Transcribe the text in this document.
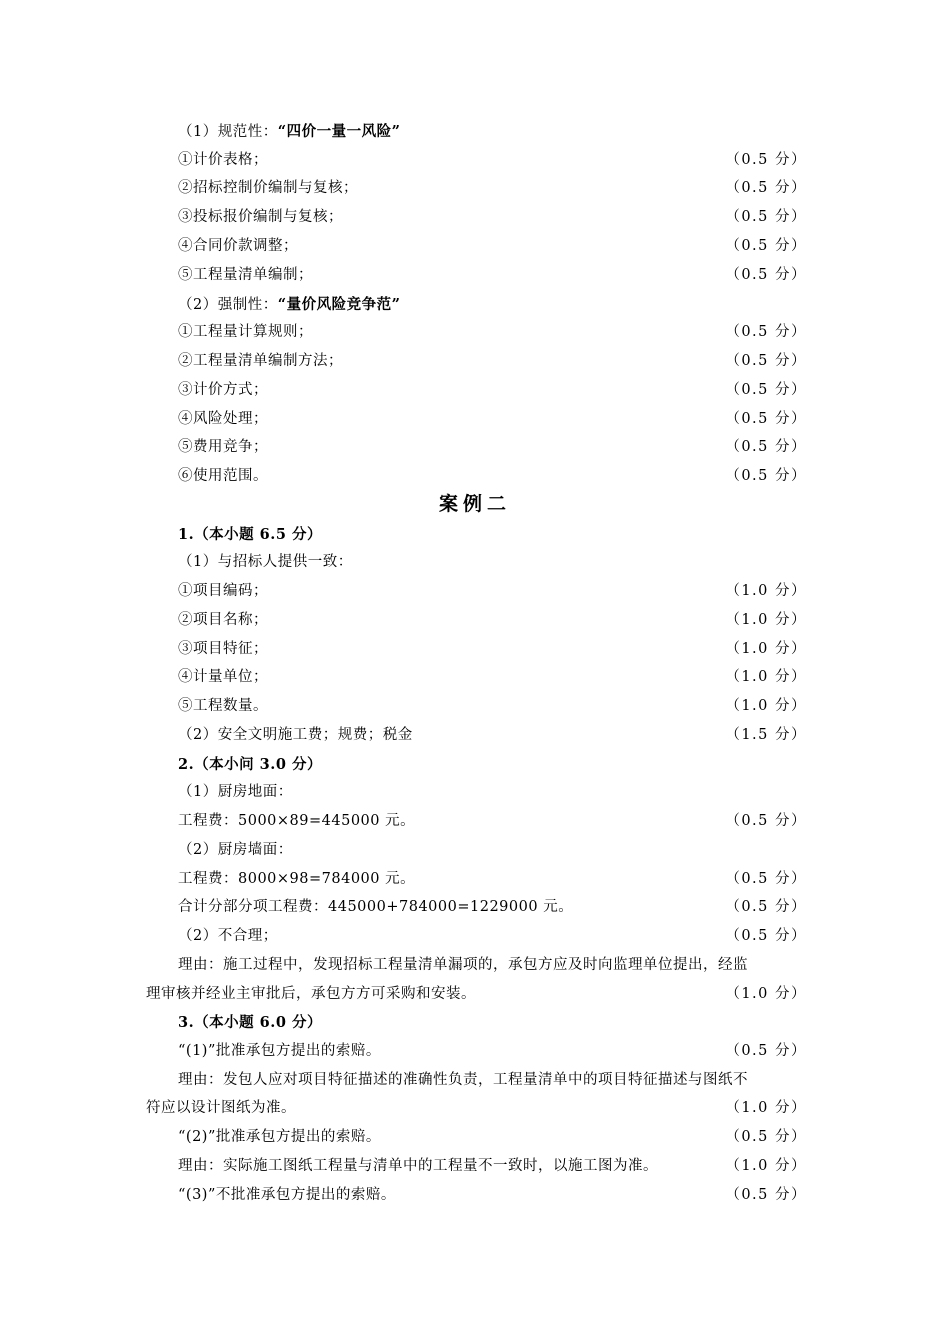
（1）规范性：“四价一量一风险”
①计价表格；	（0.5 分）
②招标控制价编制与复核；	（0.5 分）
③投标报价编制与复核；	（0.5 分）
④合同价款调整；	（0.5 分）
⑤工程量清单编制；	（0.5 分）
（2）强制性：“量价风险竞争范”
①工程量计算规则；	（0.5 分）
②工程量清单编制方法；	（0.5 分）
③计价方式；	（0.5 分）
④风险处理；	（0.5 分）
⑤费用竞争；	（0.5 分）
⑥使用范围。	（0.5 分）
案例二
1.（本小题 6.5 分）
（1）与招标人提供一致：
①项目编码；	（1.0 分）
②项目名称；	（1.0 分）
③项目特征；	（1.0 分）
④计量单位；	（1.0 分）
⑤工程数量。	（1.0 分）
（2）安全文明施工费；规费；税金	（1.5 分）
2.（本小问 3.0 分）
（1）厨房地面：
工程费：5000×89=445000 元。	（0.5 分）
（2）厨房墙面：
工程费：8000×98=784000 元。	（0.5 分）
合计分部分项工程费：445000+784000=1229000 元。	（0.5 分）
（2）不合理；	（0.5 分）
理由：施工过程中，发现招标工程量清单漏项的，承包方应及时向监理单位提出，经监
理审核并经业主审批后，承包方方可采购和安装。	（1.0 分）
3.（本小题 6.0 分）
“(1)”批准承包方提出的索赔。	（0.5 分）
理由：发包人应对项目特征描述的准确性负责，工程量清单中的项目特征描述与图纸不
符应以设计图纸为准。	（1.0 分）
“(2)”批准承包方提出的索赔。	（0.5 分）
理由：实际施工图纸工程量与清单中的工程量不一致时，以施工图为准。	（1.0 分）
“(3)”不批准承包方提出的索赔。	（0.5 分）
